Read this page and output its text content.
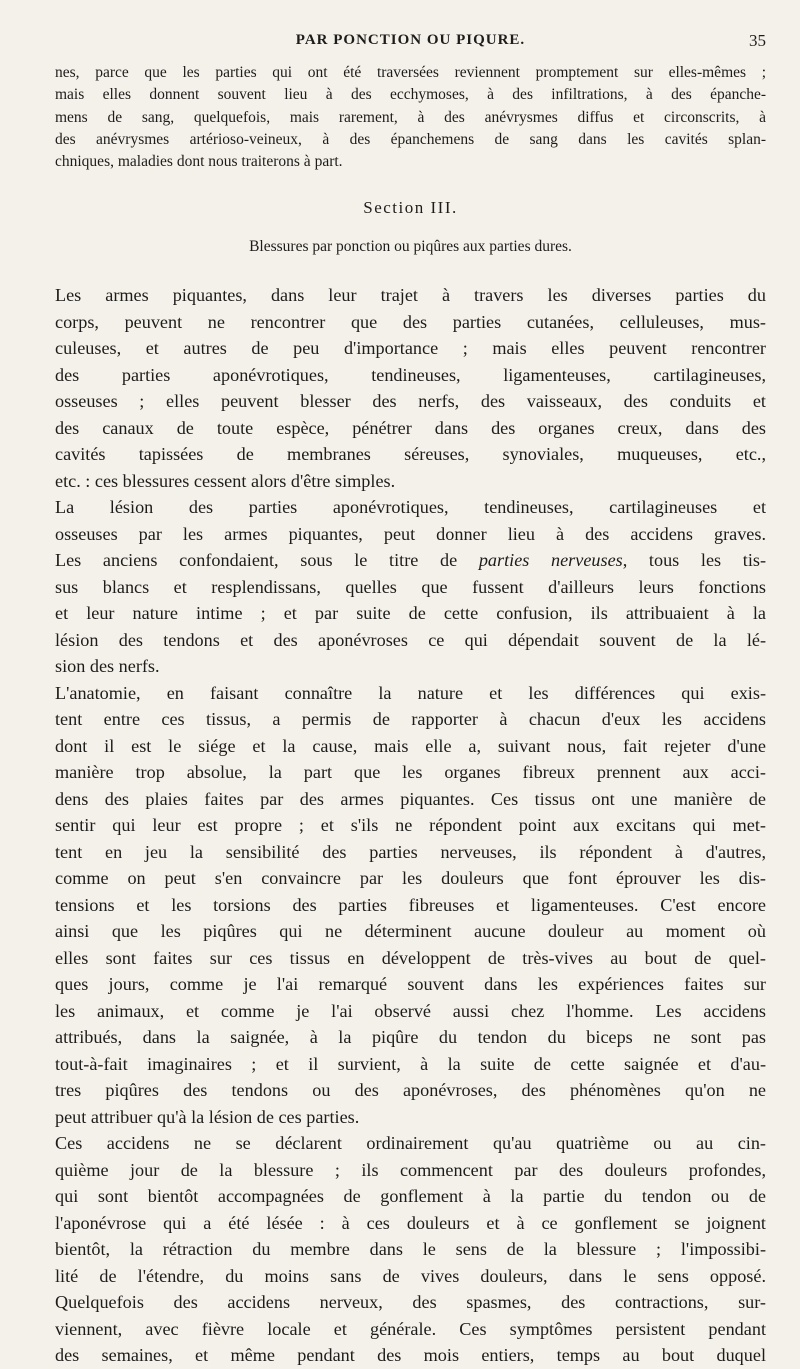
PAR PONCTION OU PIQURE.	35
nes, parce que les parties qui ont été traversées reviennent promptement sur elles-mêmes ;
mais elles donnent souvent lieu à des ecchymoses, à des infiltrations, à des épanche-
mens de sang, quelquefois, mais rarement, à des anévrysmes diffus et circonscrits, à
des anévrysmes artérioso-veineux, à des épanchemens de sang dans les cavités splan-
chniques, maladies dont nous traiterons à part.
Section III.
Blessures par ponction ou piqûres aux parties dures.
Les armes piquantes, dans leur trajet à travers les diverses parties du
corps, peuvent ne rencontrer que des parties cutanées, celluleuses, mus-
culeuses, et autres de peu d'importance ; mais elles peuvent rencontrer
des parties aponévrotiques, tendineuses, ligamenteuses, cartilagineuses,
osseuses ; elles peuvent blesser des nerfs, des vaisseaux, des conduits et
des canaux de toute espèce, pénétrer dans des organes creux, dans des
cavités tapissées de membranes séreuses, synoviales, muqueuses, etc.,
etc. : ces blessures cessent alors d'être simples.
La lésion des parties aponévrotiques, tendineuses, cartilagineuses et
osseuses par les armes piquantes, peut donner lieu à des accidens graves.
Les anciens confondaient, sous le titre de parties nerveuses, tous les tis-
sus blancs et resplendissans, quelles que fussent d'ailleurs leurs fonctions
et leur nature intime ; et par suite de cette confusion, ils attribuaient à la
lésion des tendons et des aponévroses ce qui dépendait souvent de la lé-
sion des nerfs.
L'anatomie, en faisant connaître la nature et les différences qui exis-
tent entre ces tissus, a permis de rapporter à chacun d'eux les accidens
dont il est le siége et la cause, mais elle a, suivant nous, fait rejeter d'une
manière trop absolue, la part que les organes fibreux prennent aux acci-
dens des plaies faites par des armes piquantes. Ces tissus ont une manière de
sentir qui leur est propre ; et s'ils ne répondent point aux excitans qui met-
tent en jeu la sensibilité des parties nerveuses, ils répondent à d'autres,
comme on peut s'en convaincre par les douleurs que font éprouver les dis-
tensions et les torsions des parties fibreuses et ligamenteuses. C'est encore
ainsi que les piqûres qui ne déterminent aucune douleur au moment où
elles sont faites sur ces tissus en développent de très-vives au bout de quel-
ques jours, comme je l'ai remarqué souvent dans les expériences faites sur
les animaux, et comme je l'ai observé aussi chez l'homme. Les accidens
attribués, dans la saignée, à la piqûre du tendon du biceps ne sont pas
tout-à-fait imaginaires ; et il survient, à la suite de cette saignée et d'au-
tres piqûres des tendons ou des aponévroses, des phénomènes qu'on ne
peut attribuer qu'à la lésion de ces parties.
Ces accidens ne se déclarent ordinairement qu'au quatrième ou au cin-
quième jour de la blessure ; ils commencent par des douleurs profondes,
qui sont bientôt accompagnées de gonflement à la partie du tendon ou de
l'aponévrose qui a été lésée : à ces douleurs et à ce gonflement se joignent
bientôt, la rétraction du membre dans le sens de la blessure ; l'impossibi-
lité de l'étendre, du moins sans de vives douleurs, dans le sens opposé.
Quelquefois des accidens nerveux, des spasmes, des contractions, sur-
viennent, avec fièvre locale et générale. Ces symptômes persistent pendant
des semaines, et même pendant des mois entiers, temps au bout duquel
